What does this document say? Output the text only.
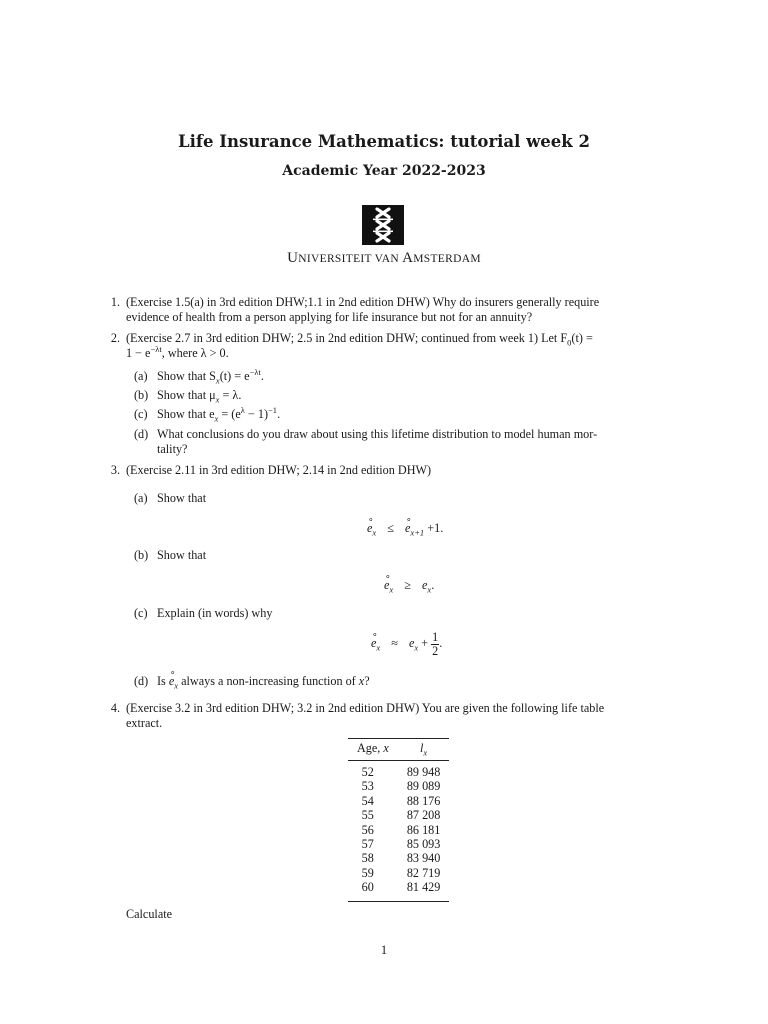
Life Insurance Mathematics: tutorial week 2
Academic Year 2022-2023
UNIVERSITEIT VAN AMSTERDAM
1. (Exercise 1.5(a) in 3rd edition DHW;1.1 in 2nd edition DHW) Why do insurers generally require
evidence of health from a person applying for life insurance but not for an annuity?
2. (Exercise 2.7 in 3rd edition DHW; 2.5 in 2nd edition DHW; continued from week 1) Let $F_0(t)$ =
$1 - e^{-\lambda t}$, where λ > 0.
(a) Show that $S_x(t) = e^{-\lambda t}$.
(b) Show that $\mu_x = \lambda$.
(c) Show that $e_x = (e^\lambda - 1)^{-1}$.
(d) What conclusions do you draw about using this lifetime distribution to model human mor-
tality?
3. (Exercise 2.11 in 3rd edition DHW; 2.14 in 2nd edition DHW)
(a) Show that
∘ $e_x$ ≤ ∘ $e_{x+1} +1$.
(b) Show that
∘ $e_x \ge e_x$.
(c) Explain (in words) why
∘ $e_x \approx e_x + \frac{1}{2}$ .
(d) Is ∘ $e_x$ always a non-increasing function of x?
4. (Exercise 3.2 in 3rd edition DHW; 3.2 in 2nd edition DHW) You are given the following life table
extract.
Age, x	$l_x$
52	89 948
53	89 089
54	88 176
55	87 208
56	86 181
57	85 093
58	83 940
59	82 719
60	81 429
Calculate
1
